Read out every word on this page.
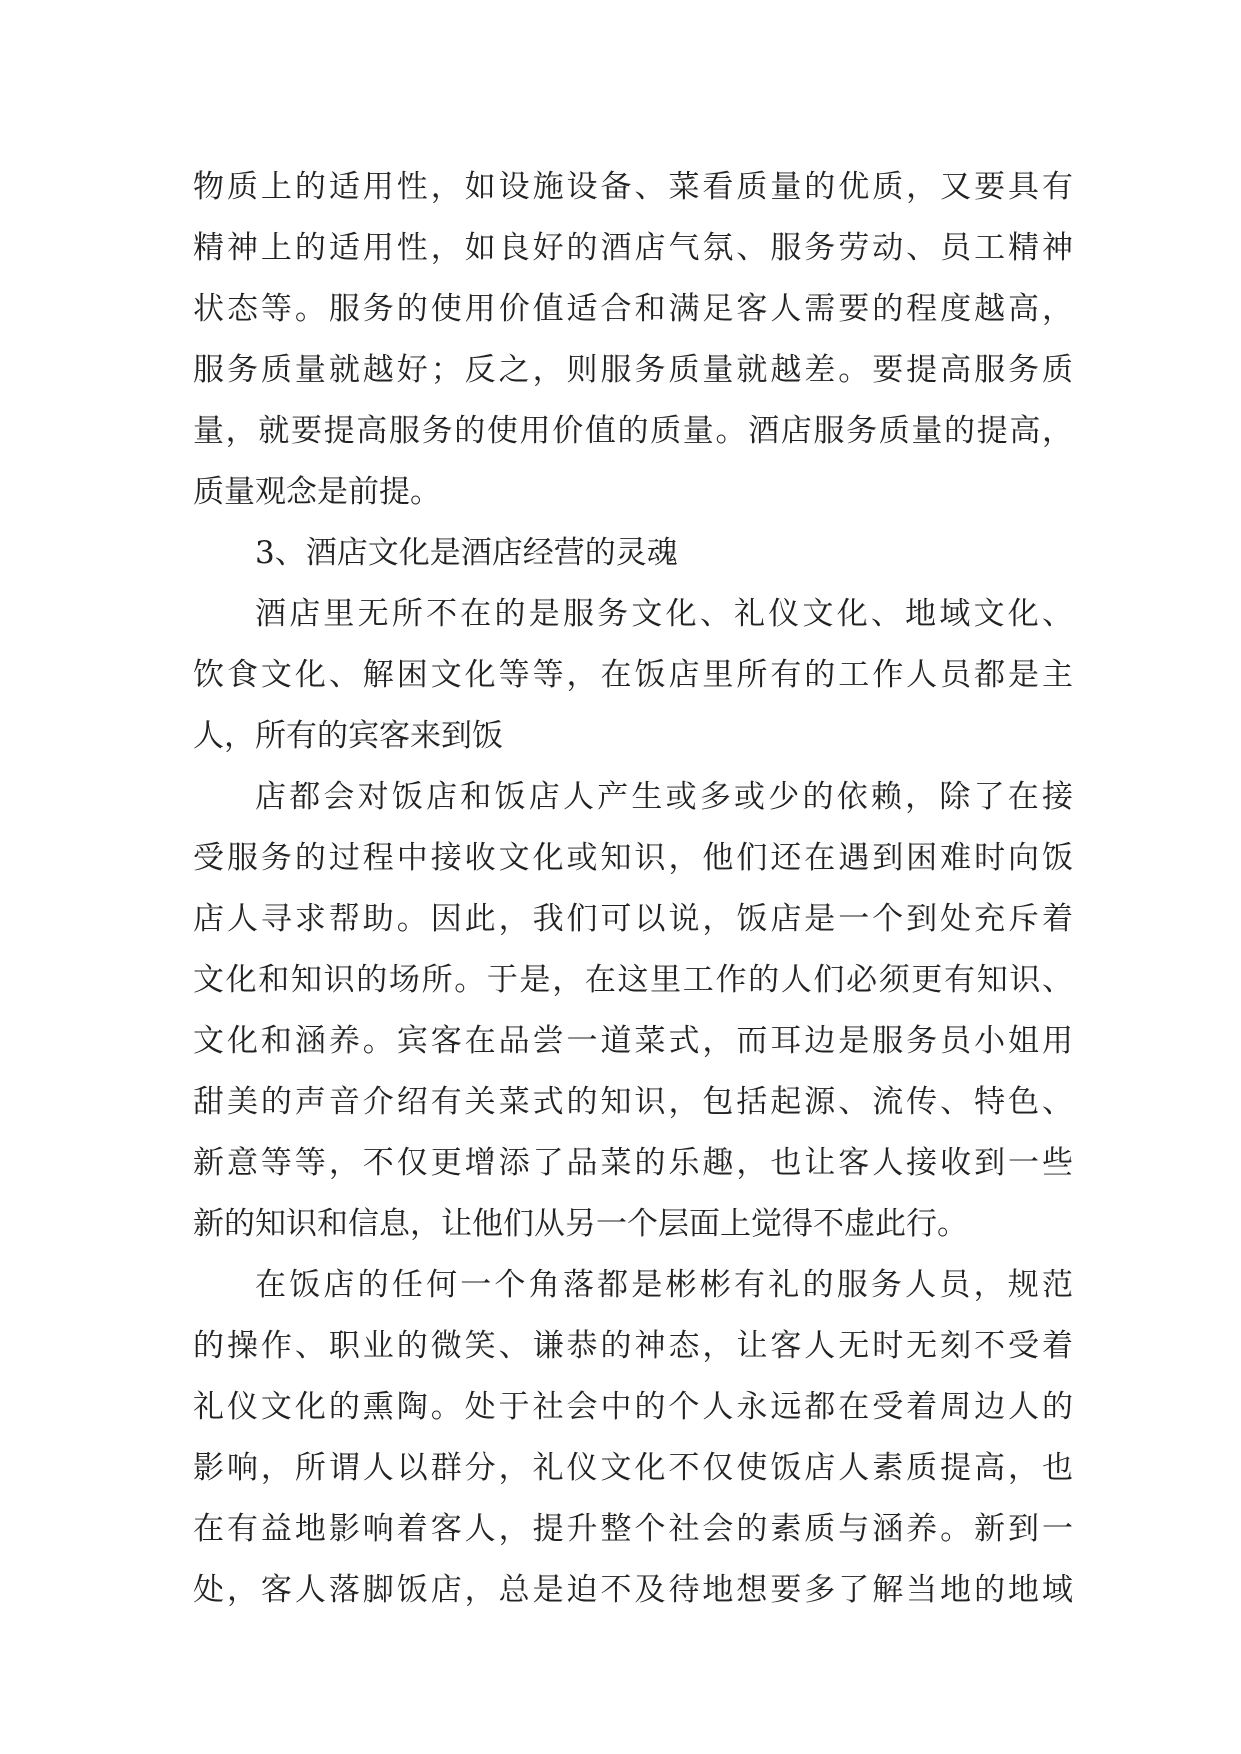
物质上的适用性，如设施设备、菜看质量的优质，又要具有
精神上的适用性，如良好的酒店气氛、服务劳动、员工精神
状态等。服务的使用价值适合和满足客人需要的程度越高，
服务质量就越好；反之，则服务质量就越差。要提高服务质
量，就要提高服务的使用价值的质量。酒店服务质量的提高，
质量观念是前提。
3、酒店文化是酒店经营的灵魂
酒店里无所不在的是服务文化、礼仪文化、地域文化、
饮食文化、解困文化等等，在饭店里所有的工作人员都是主
人，所有的宾客来到饭
店都会对饭店和饭店人产生或多或少的依赖，除了在接
受服务的过程中接收文化或知识，他们还在遇到困难时向饭
店人寻求帮助。因此，我们可以说，饭店是一个到处充斥着
文化和知识的场所。于是，在这里工作的人们必须更有知识、
文化和涵养。宾客在品尝一道菜式，而耳边是服务员小姐用
甜美的声音介绍有关菜式的知识，包括起源、流传、特色、
新意等等，不仅更增添了品菜的乐趣，也让客人接收到一些
新的知识和信息，让他们从另一个层面上觉得不虚此行。
在饭店的任何一个角落都是彬彬有礼的服务人员，规范
的操作、职业的微笑、谦恭的神态，让客人无时无刻不受着
礼仪文化的熏陶。处于社会中的个人永远都在受着周边人的
影响，所谓人以群分，礼仪文化不仅使饭店人素质提高，也
在有益地影响着客人，提升整个社会的素质与涵养。新到一
处，客人落脚饭店，总是迫不及待地想要多了解当地的地域
